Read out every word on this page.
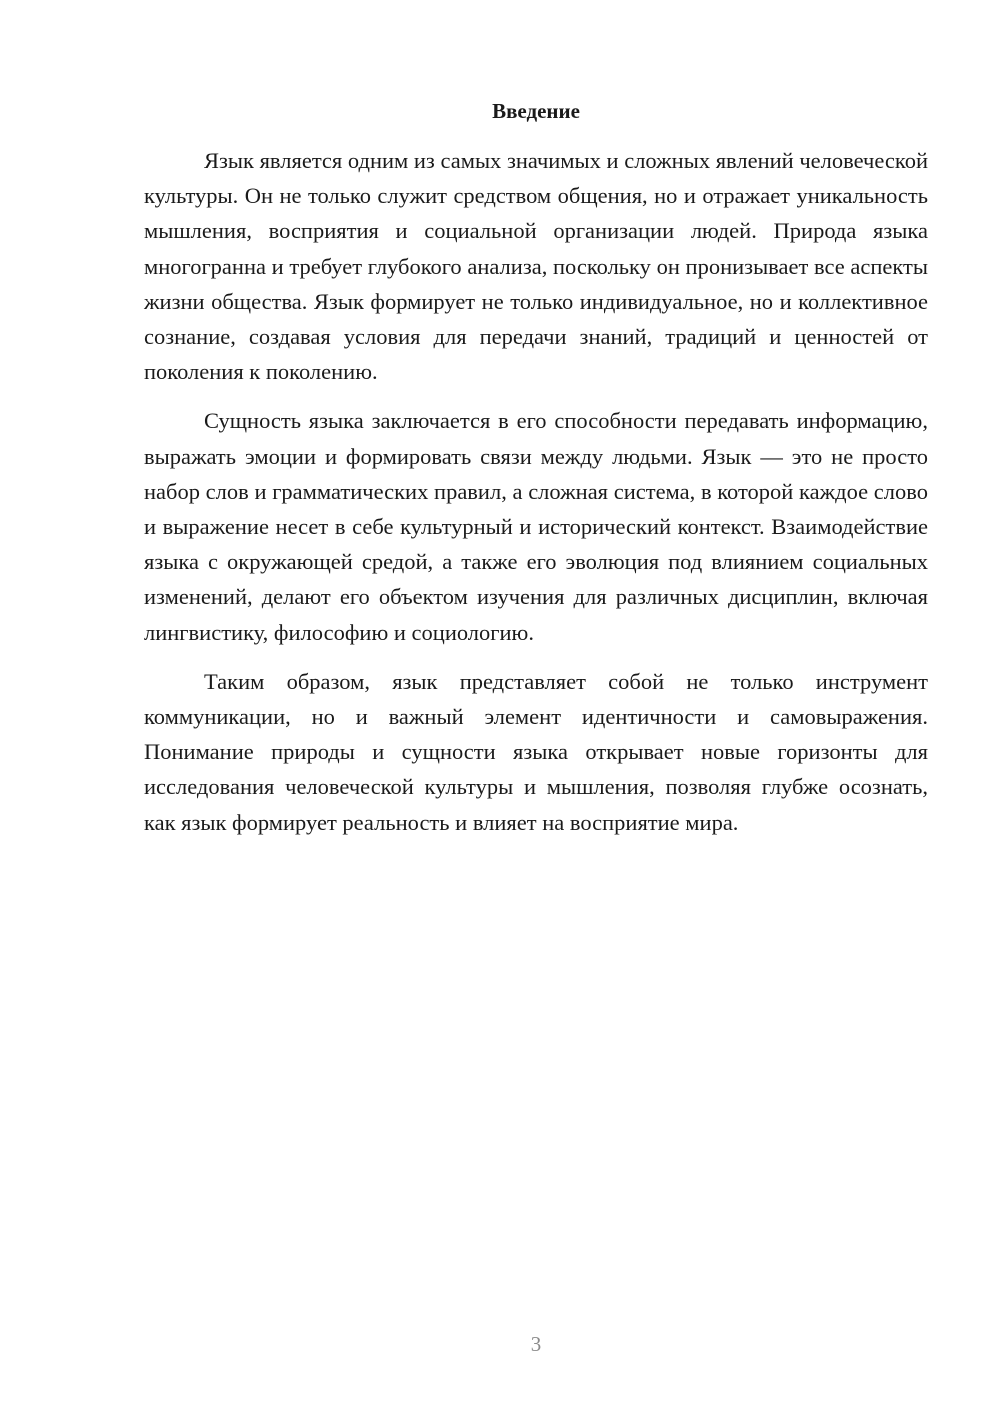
Введение

Язык является одним из самых значимых и сложных явлений человеческой культуры. Он не только служит средством общения, но и отражает уникальность мышления, восприятия и социальной организации людей. Природа языка многогранна и требует глубокого анализа, поскольку он пронизывает все аспекты жизни общества. Язык формирует не только индивидуальное, но и коллективное сознание, создавая условия для передачи знаний, традиций и ценностей от поколения к поколению.

Сущность языка заключается в его способности передавать информацию, выражать эмоции и формировать связи между людьми. Язык — это не просто набор слов и грамматических правил, а сложная система, в которой каждое слово и выражение несет в себе культурный и исторический контекст. Взаимодействие языка с окружающей средой, а также его эволюция под влиянием социальных изменений, делают его объектом изучения для различных дисциплин, включая лингвистику, философию и социологию.

Таким образом, язык представляет собой не только инструмент коммуникации, но и важный элемент идентичности и самовыражения. Понимание природы и сущности языка открывает новые горизонты для исследования человеческой культуры и мышления, позволяя глубже осознать, как язык формирует реальность и влияет на восприятие мира.

3
